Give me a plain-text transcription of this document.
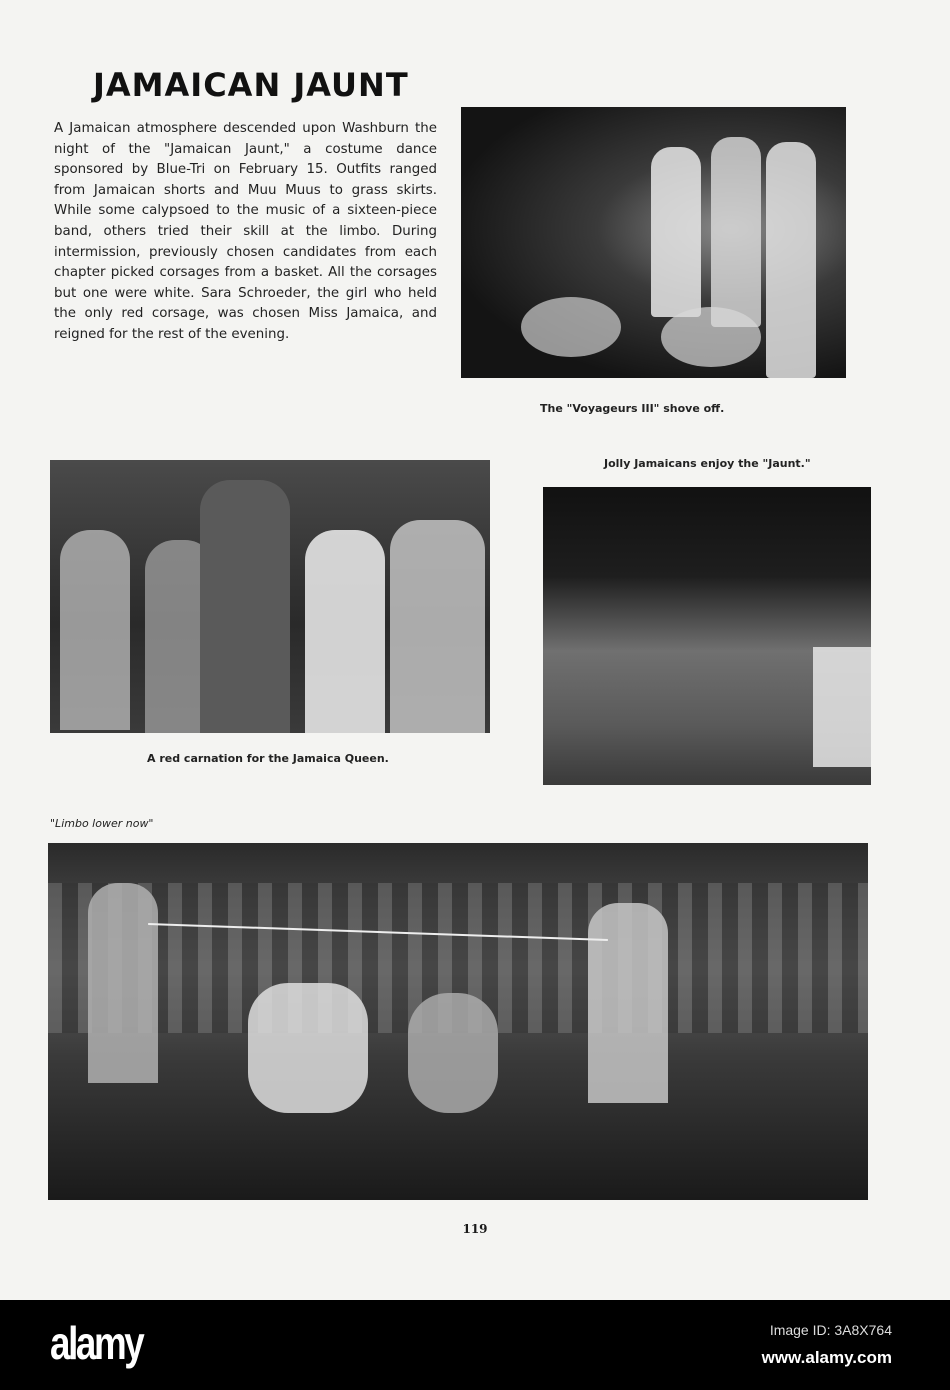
JAMAICAN JAUNT
A Jamaican atmosphere descended upon Washburn the night of the "Jamaican Jaunt," a costume dance sponsored by Blue-Tri on February 15. Outfits ranged from Jamaican shorts and Muu Muus to grass skirts. While some calypsoed to the music of a sixteen-piece band, others tried their skill at the limbo. During intermission, previously chosen candidates from each chapter picked corsages from a basket. All the corsages but one were white. Sara Schroeder, the girl who held the only red corsage, was chosen Miss Jamaica, and reigned for the rest of the evening.
The "Voyageurs III" shove off.
Jolly Jamaicans enjoy the "Jaunt."
A red carnation for the Jamaica Queen.
"Limbo lower now"
119
alamy	Image ID: 3A8X764
www.alamy.com
